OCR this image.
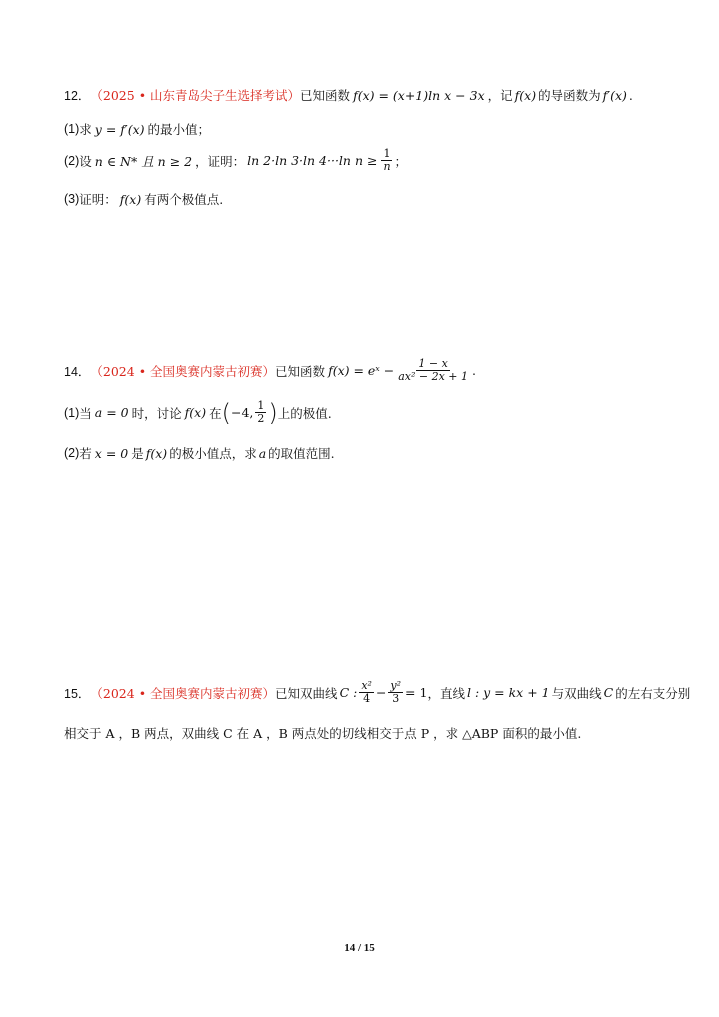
12． （2025 • 山东青岛尖子生选择考试） 已知函数 f(x) = (x+1)ln x − 3x ，记 f(x) 的导函数为 f′(x) .
(1) 求 y = f′(x) 的最小值；
(2) 设 n ∈ N* 且 n ≥ 2 ，证明： ln 2·ln 3·ln 4···ln $n \ge \frac{1}{n}$ ；
(3) 证明： f(x) 有两个极值点.
14． （2024 • 全国奥赛内蒙古初赛） 已知函数 f(x) = eˣ − $\frac{1 - x}{\text{ax² − 2x + 1}}$ .
(1) 当 a = 0 时，讨论 f(x) 在 ( −4, $\frac{1}{2}$ ) 上的极值.
(2) 若 x = 0 是 f(x) 的极小值点，求 a 的取值范围.
15． （2024 • 全国奥赛内蒙古初赛） 已知双曲线 C : $\frac{\text{x²}}{4} - \frac{\text{y²}}{3} = 1$ ，直线 l : y = kx + 1 与双曲线 C 的左右支分别
相交于 A ，B 两点，双曲线 C 在 A ，B 两点处的切线相交于点 P ，求 △ABP 面积的最小值.
14 / 15
